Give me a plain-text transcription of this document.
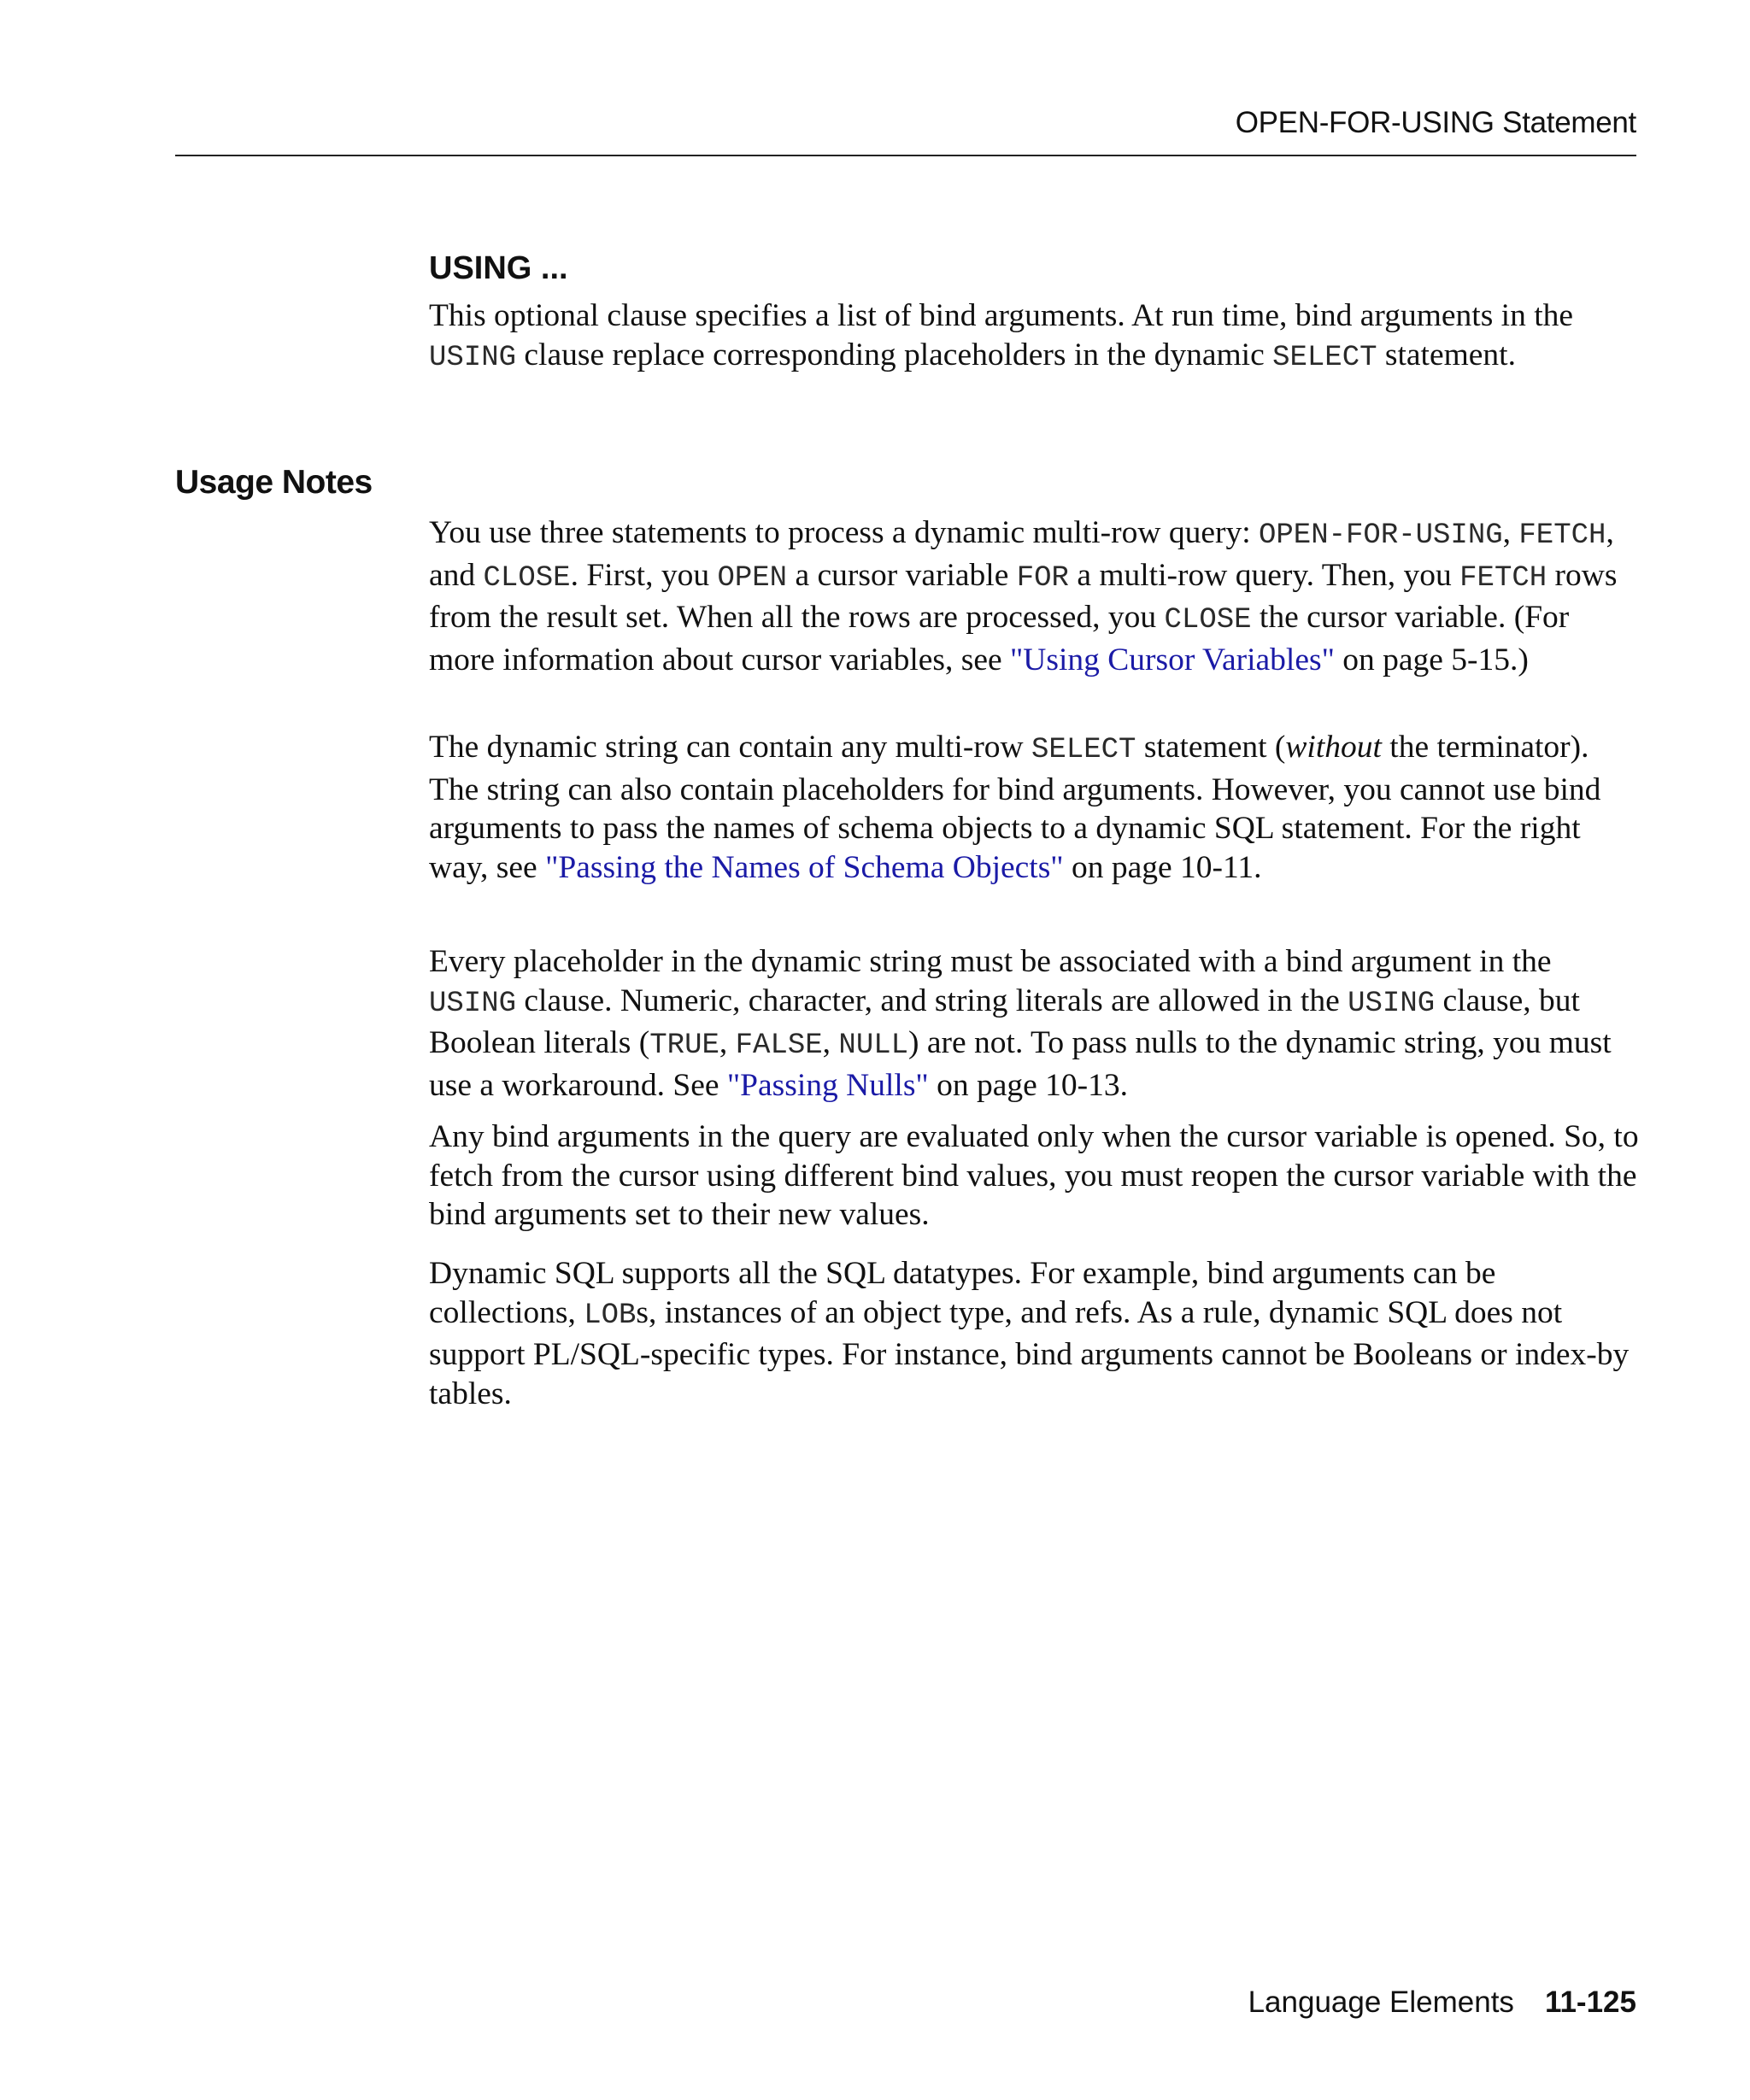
OPEN-FOR-USING Statement
USING ...

This optional clause specifies a list of bind arguments. At run time, bind arguments in the USING clause replace corresponding placeholders in the dynamic SELECT statement.

Usage Notes

You use three statements to process a dynamic multi-row query: OPEN-FOR-USING, FETCH, and CLOSE. First, you OPEN a cursor variable FOR a multi-row query. Then, you FETCH rows from the result set. When all the rows are processed, you CLOSE the cursor variable. (For more information about cursor variables, see "Using Cursor Variables" on page 5-15.)

The dynamic string can contain any multi-row SELECT statement (without the terminator). The string can also contain placeholders for bind arguments. However, you cannot use bind arguments to pass the names of schema objects to a dynamic SQL statement. For the right way, see "Passing the Names of Schema Objects" on page 10-11.

Every placeholder in the dynamic string must be associated with a bind argument in the USING clause. Numeric, character, and string literals are allowed in the USING clause, but Boolean literals (TRUE, FALSE, NULL) are not. To pass nulls to the dynamic string, you must use a workaround. See "Passing Nulls" on page 10-13.

Any bind arguments in the query are evaluated only when the cursor variable is opened. So, to fetch from the cursor using different bind values, you must reopen the cursor variable with the bind arguments set to their new values.

Dynamic SQL supports all the SQL datatypes. For example, bind arguments can be collections, LOBs, instances of an object type, and refs. As a rule, dynamic SQL does not support PL/SQL-specific types. For instance, bind arguments cannot be Booleans or index-by tables.

Language Elements 11-125
